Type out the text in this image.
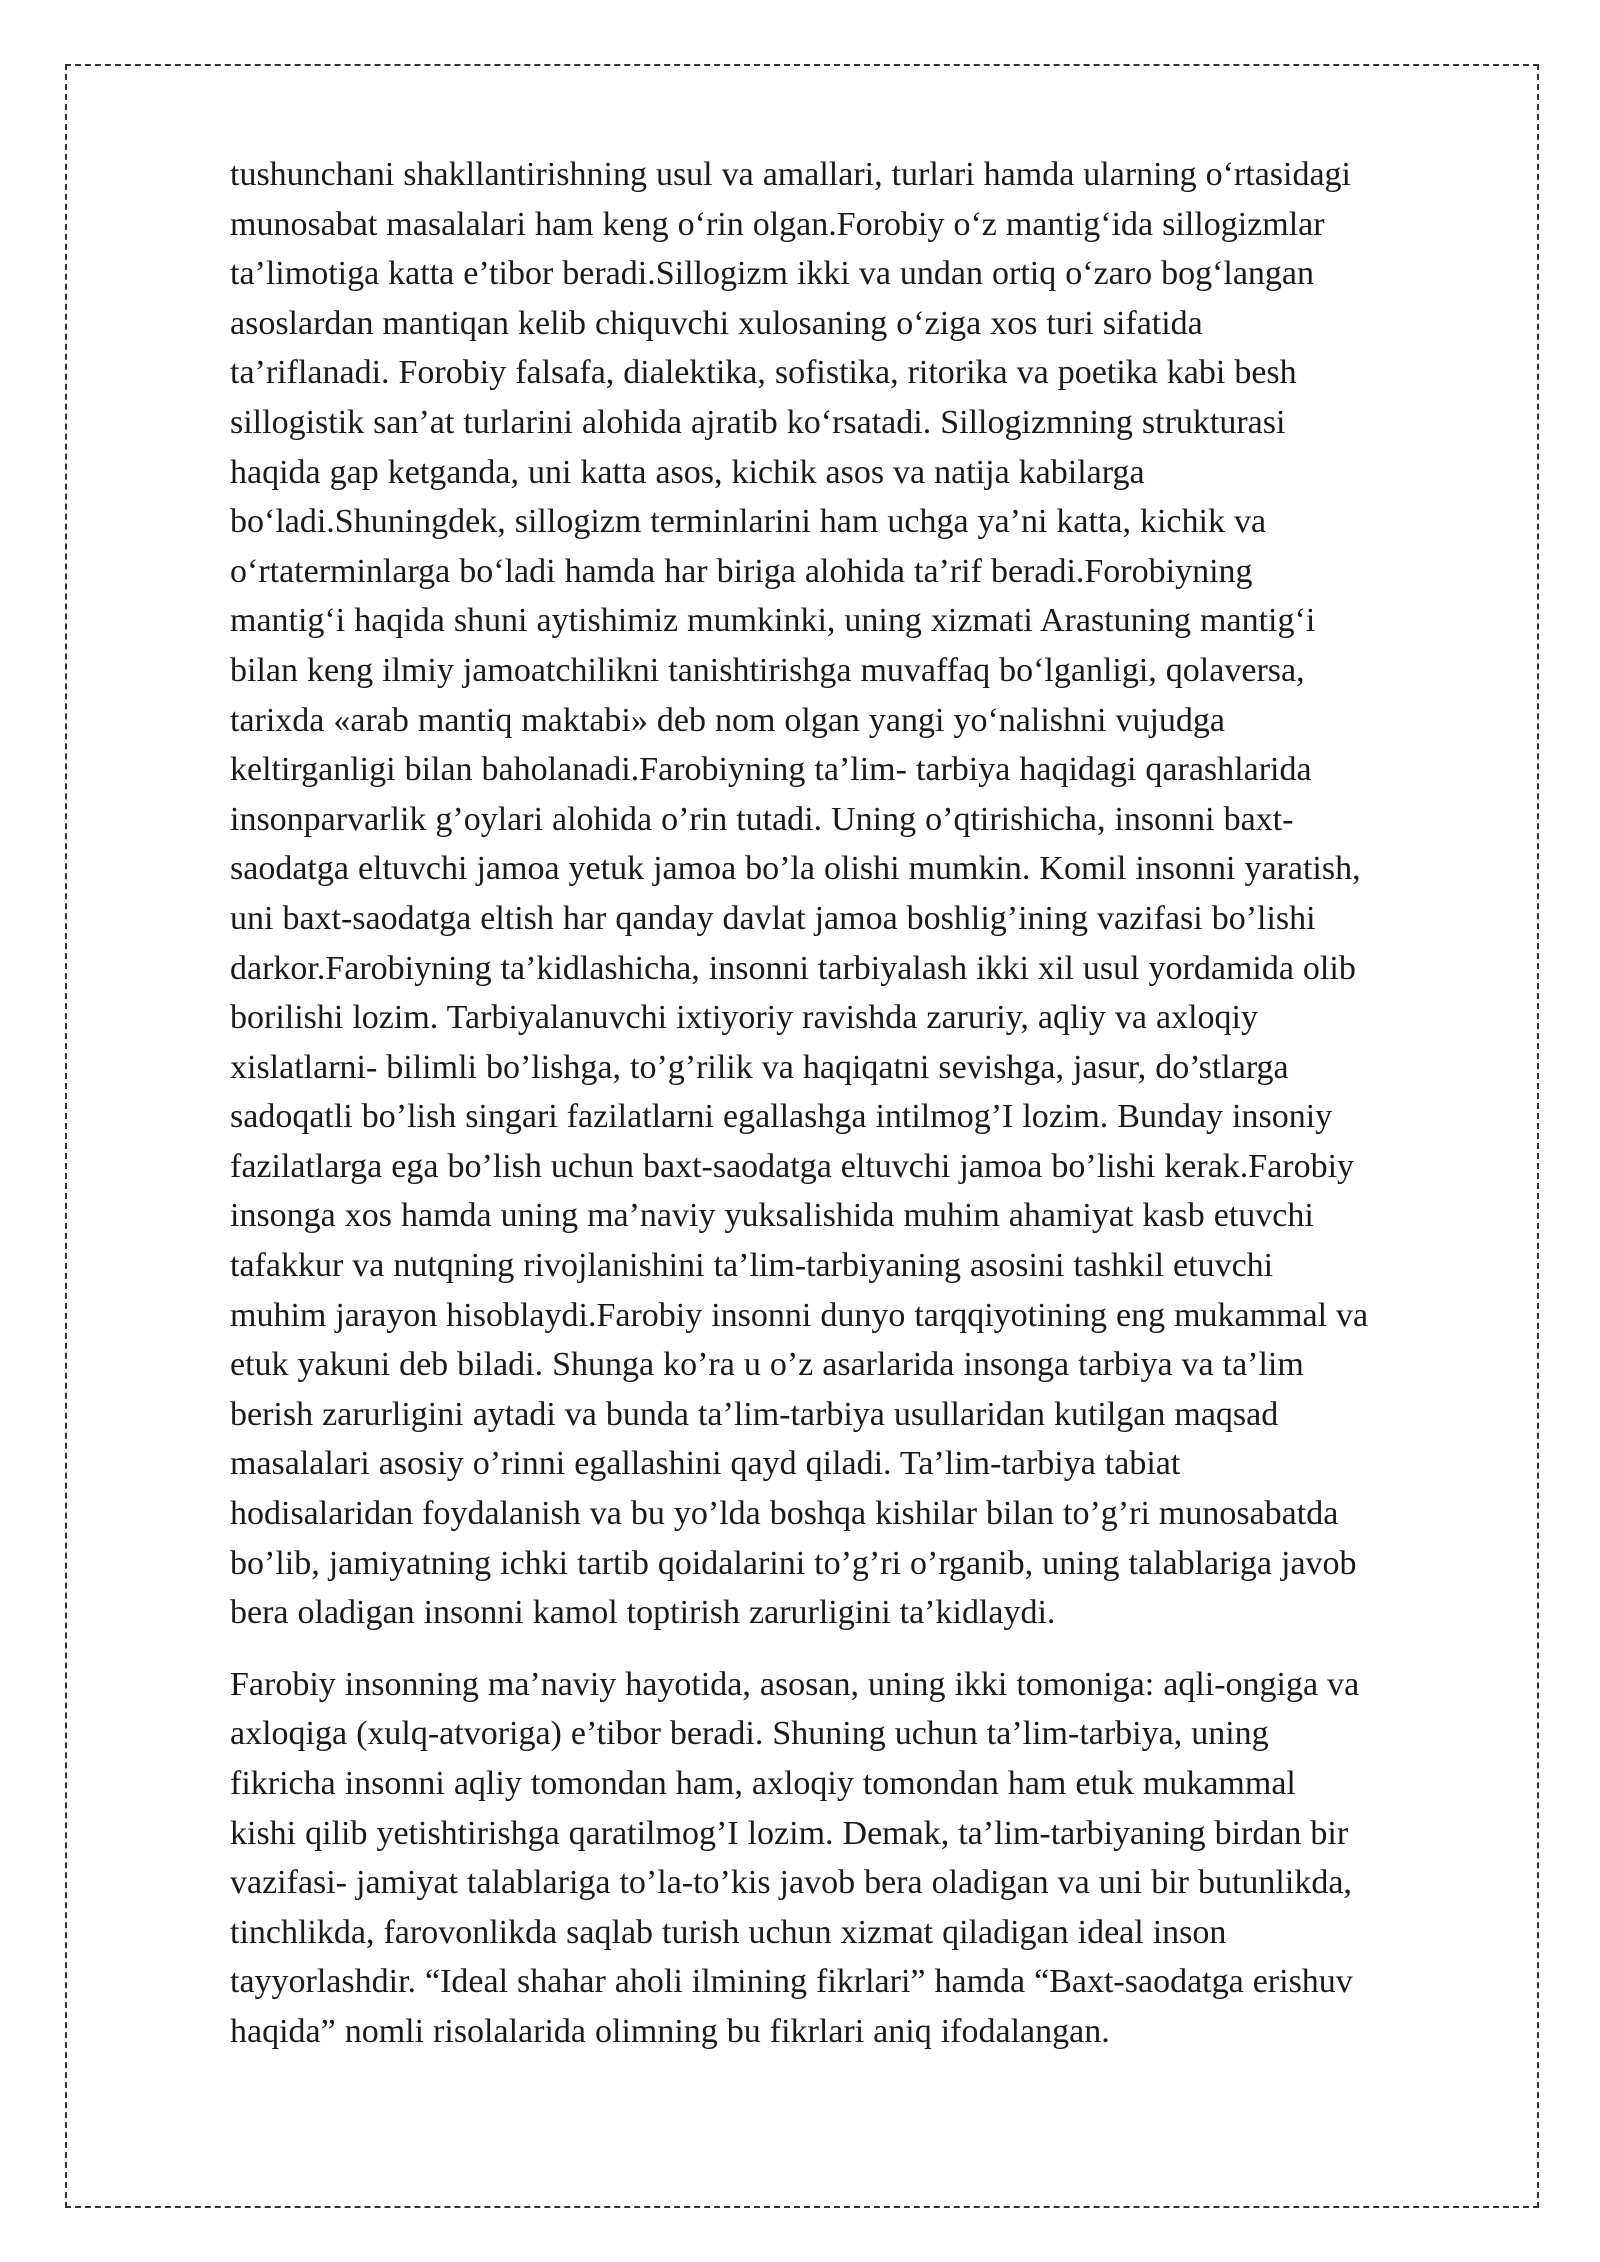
tushunchani shakllantirishning usul va amallari, turlari hamda ularning o‘rtasidagi
munosabat masalalari ham keng o‘rin olgan.Forobiy o‘z mantig‘ida sillogizmlar
ta’limotiga katta e’tibor beradi.Sillogizm ikki va undan ortiq o‘zaro bog‘langan
asoslardan mantiqan kelib chiquvchi xulosaning o‘ziga xos turi sifatida
ta’riflanadi. Forobiy falsafa, dialektika, sofistika, ritorika va poetika kabi besh
sillogistik san’at turlarini alohida ajratib ko‘rsatadi. Sillogizmning strukturasi
haqida gap ketganda, uni katta asos, kichik asos va natija kabilarga
bo‘ladi.Shuningdek, sillogizm terminlarini ham uchga ya’ni katta, kichik va
o‘rtaterminlarga bo‘ladi hamda har biriga alohida ta’rif beradi.Forobiyning
mantig‘i haqida shuni aytishimiz mumkinki, uning xizmati Arastuning mantig‘i
bilan keng ilmiy jamoatchilikni tanishtirishga muvaffaq bo‘lganligi, qolaversa,
tarixda «arab mantiq maktabi» deb nom olgan yangi yo‘nalishni vujudga
keltirganligi bilan baholanadi.Farobiyning ta’lim- tarbiya haqidagi qarashlarida
insonparvarlik g’oylari alohida o’rin tutadi. Uning o’qtirishicha, insonni baxt-
saodatga eltuvchi jamoa yetuk jamoa bo’la olishi mumkin. Komil insonni yaratish,
uni baxt-saodatga eltish har qanday davlat jamoa boshlig’ining vazifasi bo’lishi
darkor.Farobiyning ta’kidlashicha, insonni tarbiyalash ikki xil usul yordamida olib
borilishi lozim. Tarbiyalanuvchi ixtiyoriy ravishda zaruriy, aqliy va axloqiy
xislatlarni- bilimli bo’lishga, to’g’rilik va haqiqatni sevishga, jasur, do’stlarga
sadoqatli bo’lish singari fazilatlarni egallashga intilmog’I lozim. Bunday insoniy
fazilatlarga ega bo’lish uchun baxt-saodatga eltuvchi jamoa bo’lishi kerak.Farobiy
insonga xos hamda uning ma’naviy yuksalishida muhim ahamiyat kasb etuvchi
tafakkur va nutqning rivojlanishini ta’lim-tarbiyaning asosini tashkil etuvchi
muhim jarayon hisoblaydi.Farobiy insonni dunyo tarqqiyotining eng mukammal va
etuk yakuni deb biladi. Shunga ko’ra u o’z asarlarida insonga tarbiya va ta’lim
berish zarurligini aytadi va bunda ta’lim-tarbiya usullaridan kutilgan maqsad
masalalari asosiy o’rinni egallashini qayd qiladi. Ta’lim-tarbiya tabiat
hodisalaridan foydalanish va bu yo’lda boshqa kishilar bilan to’g’ri munosabatda
bo’lib, jamiyatning ichki tartib qoidalarini to’g’ri o’rganib, uning talablariga javob
bera oladigan insonni kamol toptirish zarurligini ta’kidlaydi.

Farobiy insonning ma’naviy hayotida, asosan, uning ikki tomoniga: aqli-ongiga va
axloqiga (xulq-atvoriga) e’tibor beradi. Shuning uchun ta’lim-tarbiya, uning
fikricha insonni aqliy tomondan ham, axloqiy tomondan ham etuk mukammal
kishi qilib yetishtirishga qaratilmog’I lozim. Demak, ta’lim-tarbiyaning birdan bir
vazifasi- jamiyat talablariga to’la-to’kis javob bera oladigan va uni bir butunlikda,
tinchlikda, farovonlikda saqlab turish uchun xizmat qiladigan ideal inson
tayyorlashdir. “Ideal shahar aholi ilmining fikrlari” hamda “Baxt-saodatga erishuv
haqida” nomli risolalarida olimning bu fikrlari aniq ifodalangan.
